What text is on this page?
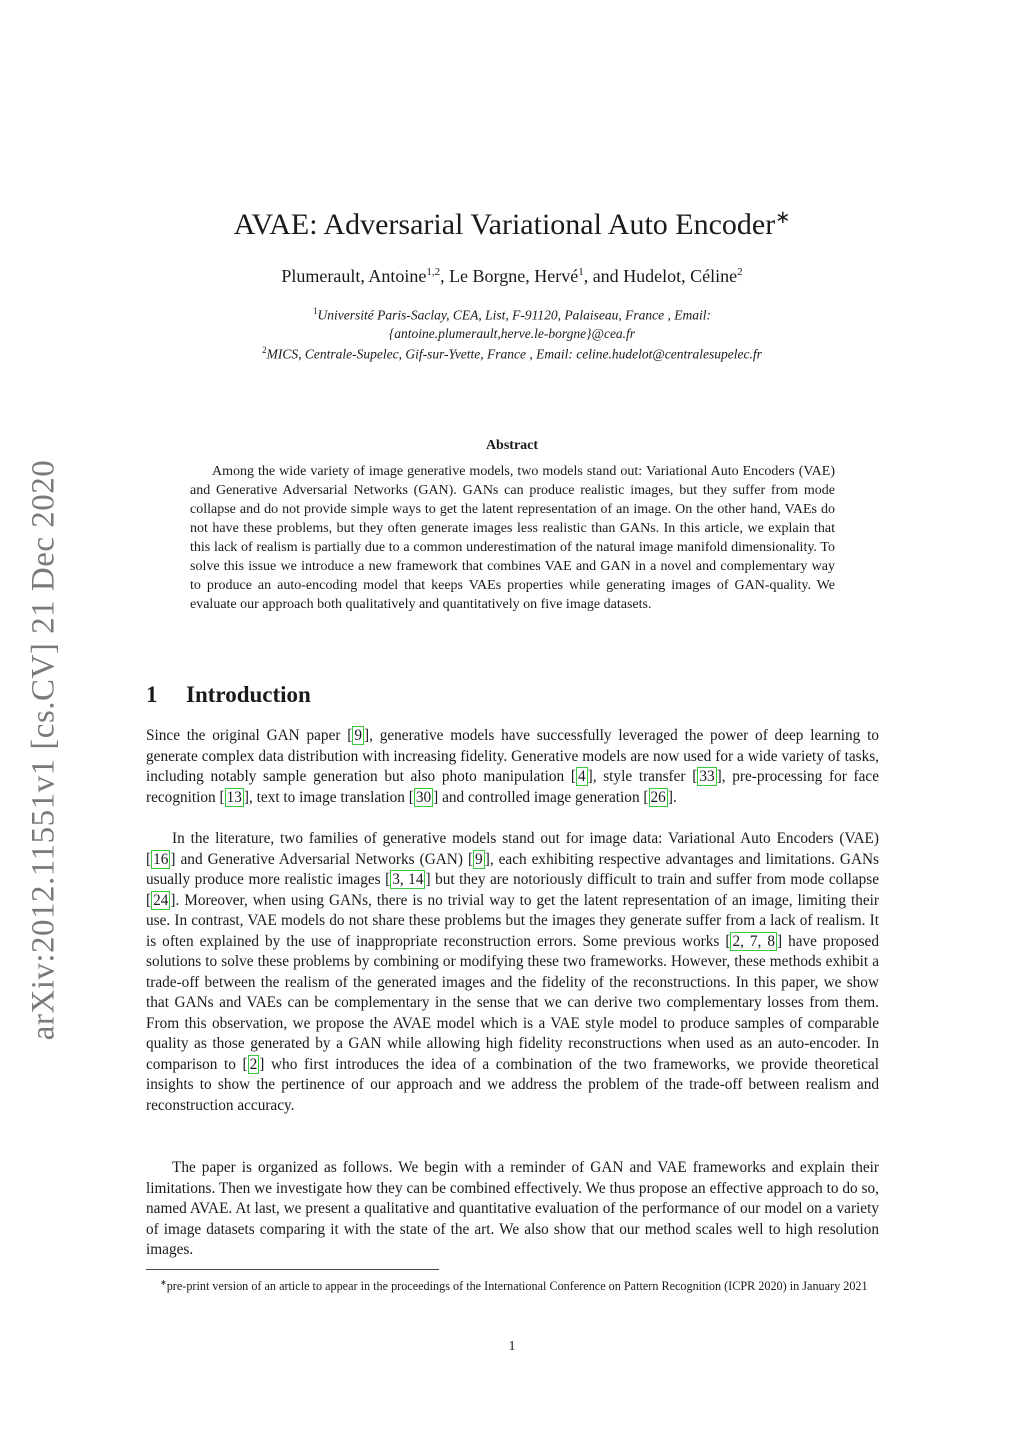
arXiv:2012.11551v1 [cs.CV] 21 Dec 2020
AVAE: Adversarial Variational Auto Encoder∗
Plumerault, Antoine$^{1,2}$, Le Borgne, Hervé$^1$, and Hudelot, Céline$^2$
$^1$Université Paris-Saclay, CEA, List, F-91120, Palaiseau, France , Email:
{antoine.plumerault,herve.le-borgne}@cea.fr
$^2$MICS, Centrale-Supelec, Gif-sur-Yvette, France , Email: celine.hudelot@centralesupelec.fr
Abstract

Among the wide variety of image generative models, two models stand out: Variational Auto Encoders (VAE) and Generative Adversarial Networks (GAN). GANs can produce realistic images, but they suffer from mode collapse and do not provide simple ways to get the latent representation of an image. On the other hand, VAEs do not have these problems, but they often generate images less realistic than GANs. In this article, we explain that this lack of realism is partially due to a common underestimation of the natural image manifold dimensionality. To solve this issue we introduce a new framework that combines VAE and GAN in a novel and complementary way to produce an auto-encoding model that keeps VAEs properties while generating images of GAN-quality. We evaluate our approach both qualitatively and quantitatively on five image datasets.

1 Introduction

Since the original GAN paper [ 9 ], generative models have successfully leveraged the power of deep learning to generate complex data distribution with increasing fidelity. Generative models are now used for a wide variety of tasks, including notably sample generation but also photo manipulation [ 4 ], style transfer [ 33 ], pre-processing for face recognition [ 13 ], text to image translation [ 30 ] and controlled image generation [ 26 ].

In the literature, two families of generative models stand out for image data: Variational Auto Encoders (VAE) [ 16 ] and Generative Adversarial Networks (GAN) [ 9 ], each exhibiting respective advantages and limitations. GANs usually produce more realistic images [ 3, 14 ] but they are notoriously difficult to train and suffer from mode collapse [ 24 ]. Moreover, when using GANs, there is no trivial way to get the latent representation of an image, limiting their use. In contrast, VAE models do not share these problems but the images they generate suffer from a lack of realism. It is often explained by the use of inappropriate reconstruction errors. Some previous works [ 2, 7, 8 ] have proposed solutions to solve these problems by combining or modifying these two frameworks. However, these methods exhibit a trade-off between the realism of the generated images and the fidelity of the reconstructions. In this paper, we show that GANs and VAEs can be complementary in the sense that we can derive two complementary losses from them. From this observation, we propose the AVAE model which is a VAE style model to produce samples of comparable quality as those generated by a GAN while allowing high fidelity reconstructions when used as an auto-encoder. In comparison to [ 2 ] who first introduces the idea of a combination of the two frameworks, we provide theoretical insights to show the pertinence of our approach and we address the problem of the trade-off between realism and reconstruction accuracy.

The paper is organized as follows. We begin with a reminder of GAN and VAE frameworks and explain their limitations. Then we investigate how they can be combined effectively. We thus propose an effective approach to do so, named AVAE. At last, we present a qualitative and quantitative evaluation of the performance of our model on a variety of image datasets comparing it with the state of the art. We also show that our method scales well to high resolution images.

∗pre-print version of an article to appear in the proceedings of the International Conference on Pattern Recognition (ICPR 2020) in January 2021

1
